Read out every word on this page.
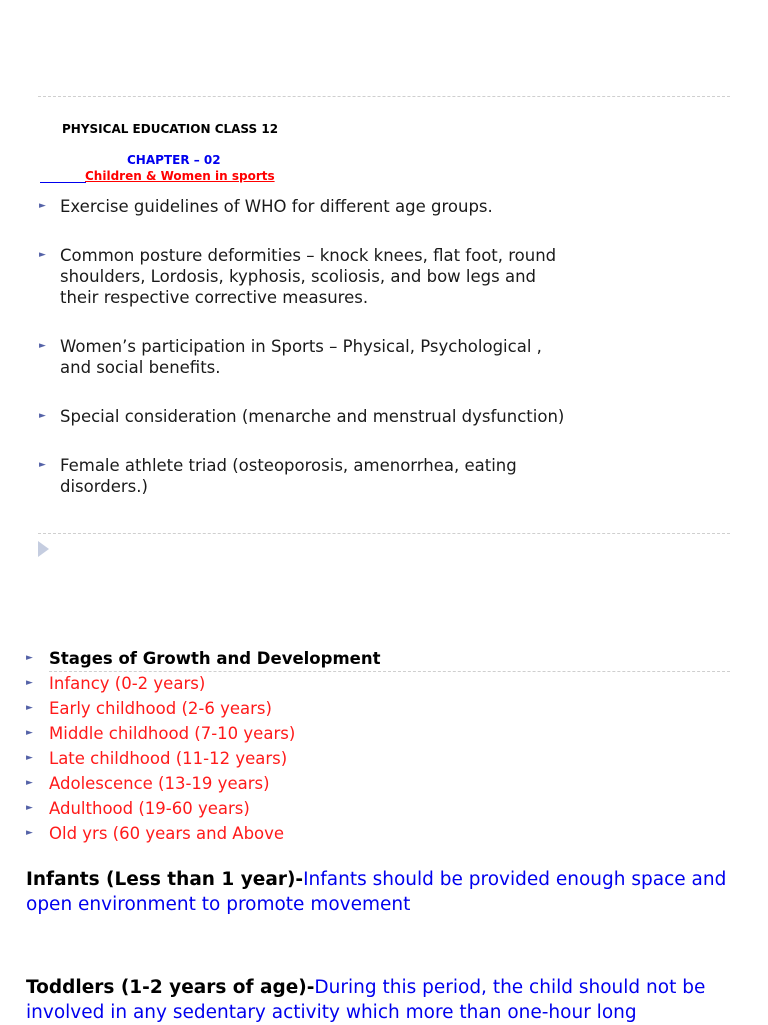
PHYSICAL EDUCATION CLASS 12
CHAPTER – 02
Children & Women in sports
► Exercise guidelines of WHO for different age groups.
► Common posture deformities – knock knees, flat foot, round shoulders, Lordosis, kyphosis, scoliosis, and bow legs and their respective corrective measures.
► Women’s participation in Sports – Physical, Psychological , and social benefits.
► Special consideration (menarche and menstrual dysfunction)
► Female athlete triad (osteoporosis, amenorrhea, eating disorders.)
► Stages of Growth and Development
► Infancy (0-2 years)
► Early childhood (2-6 years)
► Middle childhood (7-10 years)
► Late childhood (11-12 years)
► Adolescence (13-19 years)
► Adulthood (19-60 years)
► Old yrs (60 years and Above
Infants (Less than 1 year)-Infants should be provided enough space and open environment to promote movement
Toddlers (1-2 years of age)-During this period, the child should not be involved in any sedentary activity which more than one-hour long
